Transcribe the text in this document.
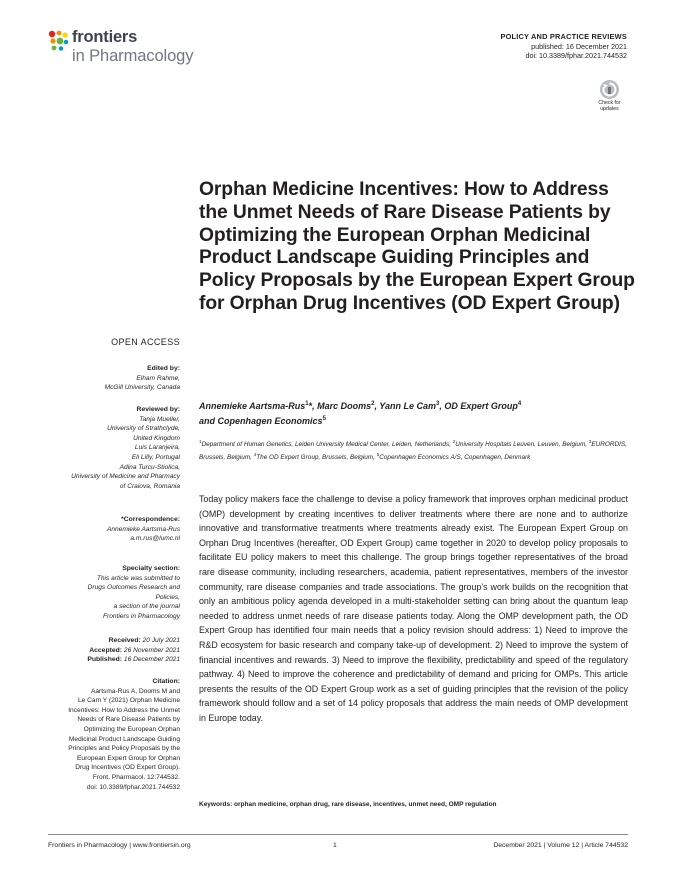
frontiers
in Pharmacology
POLICY AND PRACTICE REVIEWS
published: 16 December 2021
doi: 10.3389/fphar.2021.744532
Check for updates
Orphan Medicine Incentives: How to Address the Unmet Needs of Rare Disease Patients by Optimizing the European Orphan Medicinal Product Landscape Guiding Principles and Policy Proposals by the European Expert Group for Orphan Drug Incentives (OD Expert Group)
Annemieke Aartsma-Rus$^1$*, Marc Dooms$^2$, Yann Le Cam$^3$, OD Expert Group$^4$
and Copenhagen Economics$^5$
$^1$Department of Human Genetics, Leiden University Medical Center, Leiden, Netherlands, $^2$University Hospitals Leuven, Leuven, Belgium, $^3$EURORDIS, Brussels, Belgium, $^4$The OD Expert Group, Brussels, Belgium, $^5$Copenhagen Economics A/S, Copenhagen, Denmark

Today policy makers face the challenge to devise a policy framework that improves orphan medicinal product (OMP) development by creating incentives to deliver treatments where there are none and to authorize innovative and transformative treatments where treatments already exist. The European Expert Group on Orphan Drug Incentives (hereafter, OD Expert Group) came together in 2020 to develop policy proposals to facilitate EU policy makers to meet this challenge. The group brings together representatives of the broad rare disease community, including researchers, academia, patient representatives, members of the investor community, rare disease companies and trade associations. The group’s work builds on the recognition that only an ambitious policy agenda developed in a multi-stakeholder setting can bring about the quantum leap needed to address unmet needs of rare disease patients today. Along the OMP development path, the OD Expert Group has identified four main needs that a policy revision should address: 1) Need to improve the R&D ecosystem for basic research and company take-up of development. 2) Need to improve the system of financial incentives and rewards. 3) Need to improve the flexibility, predictability and speed of the regulatory pathway. 4) Need to improve the coherence and predictability of demand and pricing for OMPs. This article presents the results of the OD Expert Group work as a set of guiding principles that the revision of the policy framework should follow and a set of 14 policy proposals that address the main needs of OMP development in Europe today.

Keywords: orphan medicine, orphan drug, rare disease, incentives, unmet need, OMP regulation
OPEN ACCESS
Edited by:
Elham Rahme,
McGill University, Canada
Reviewed by:
Tanja Mueller,
University of Strathclyde,
United Kingdom
Luis Laranjeira,
Eli Lilly, Portugal
Adina Turcu-Stiolica,
University of Medicine and Pharmacy
of Craiova, Romania
*Correspondence:
Annemieke Aartsma-Rus
a.m.rus@lumc.nl
Specialty section:
This article was submitted to
Drugs Outcomes Research and
Policies,
a section of the journal
Frontiers in Pharmacology
Received: 20 July 2021
Accepted: 26 November 2021
Published: 16 December 2021
Citation:
Aartsma-Rus A, Dooms M and
Le Cam Y (2021) Orphan Medicine
Incentives: How to Address the Unmet
Needs of Rare Disease Patients by
Optimizing the European Orphan
Medicinal Product Landscape Guiding
Principles and Policy Proposals by the
European Expert Group for Orphan
Drug Incentives (OD Expert Group).
Front. Pharmacol. 12:744532.
doi: 10.3389/fphar.2021.744532
Frontiers in Pharmacology | www.frontiersin.org	1	December 2021 | Volume 12 | Article 744532
